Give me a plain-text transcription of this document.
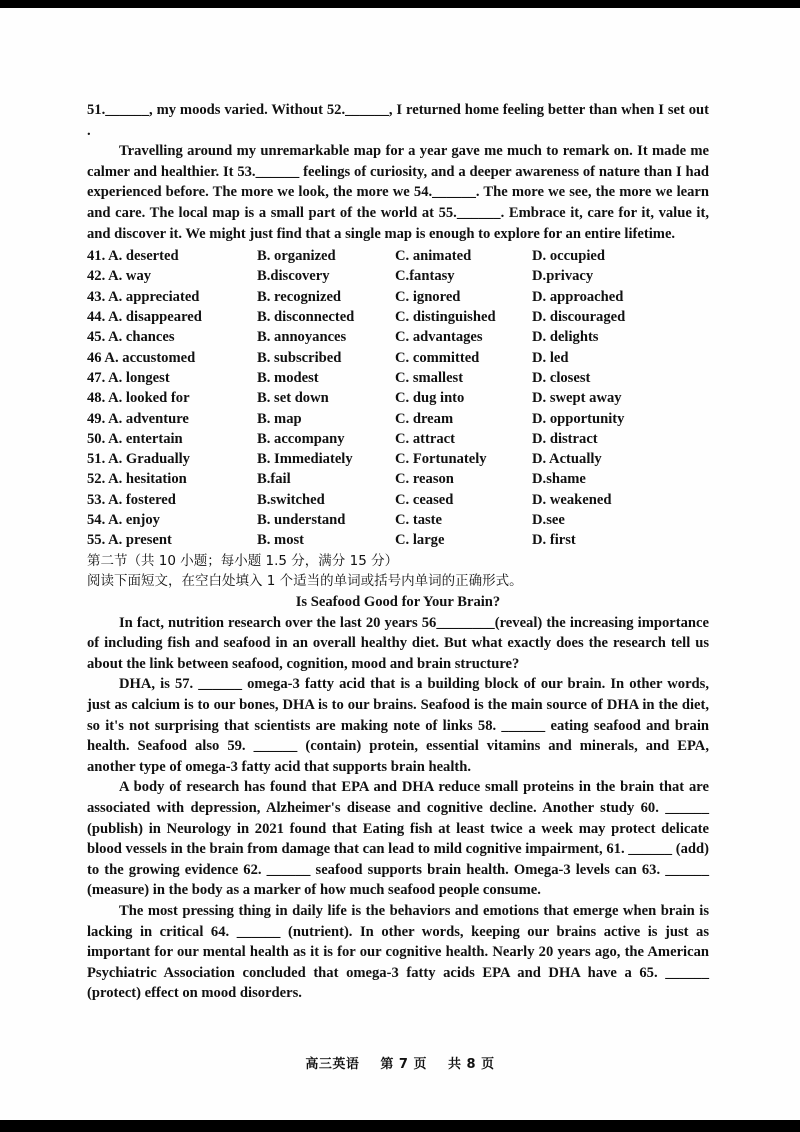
51.______, my moods varied. Without 52.______, I returned home feeling better than when I set out .

Travelling around my unremarkable map for a year gave me much to remark on. It made me calmer and healthier. It 53.______ feelings of curiosity, and a deeper awareness of nature than I had experienced before. The more we look, the more we 54.______. The more we see, the more we learn and care. The local map is a small part of the world at 55.______. Embrace it, care for it, value it, and discover it. We might just find that a single map is enough to explore for an entire lifetime.

41. A. deserted	B. organized	C. animated	D. occupied
42. A. way	B.discovery	C.fantasy	D.privacy
43. A. appreciated	B. recognized	C. ignored	D. approached
44. A. disappeared	B. disconnected	C. distinguished	D. discouraged
45. A. chances	B. annoyances	C. advantages	D. delights
46 A. accustomed	B. subscribed	C. committed	D. led
47. A. longest	B. modest	C. smallest	D. closest
48. A. looked for	B. set down	C. dug into	D. swept away
49. A. adventure	B. map	C. dream	D. opportunity
50. A. entertain	B. accompany	C. attract	D. distract
51. A. Gradually	B. Immediately	C. Fortunately	D. Actually
52. A. hesitation	B.fail	C. reason	D.shame
53. A. fostered	B.switched	C. ceased	D. weakened
54. A. enjoy	B. understand	C. taste	D.see
55. A. present	B. most	C. large	D. first
第二节（共 10 小题；每小题 1.5 分，满分 15 分）
阅读下面短文，在空白处填入 1 个适当的单词或括号内单词的正确形式。
Is Seafood Good for Your Brain?

In fact, nutrition research over the last 20 years 56________(reveal) the increasing importance of including fish and seafood in an overall healthy diet. But what exactly does the research tell us about the link between seafood, cognition, mood and brain structure?

DHA, is 57. ______ omega-3 fatty acid that is a building block of our brain. In other words, just as calcium is to our bones, DHA is to our brains. Seafood is the main source of DHA in the diet, so it's not surprising that scientists are making note of links 58. ______ eating seafood and brain health. Seafood also 59. ______ (contain) protein, essential vitamins and minerals, and EPA, another type of omega-3 fatty acid that supports brain health.

A body of research has found that EPA and DHA reduce small proteins in the brain that are associated with depression, Alzheimer's disease and cognitive decline. Another study 60. ______ (publish) in Neurology in 2021 found that Eating fish at least twice a week may protect delicate blood vessels in the brain from damage that can lead to mild cognitive impairment, 61. ______ (add) to the growing evidence 62. ______ seafood supports brain health. Omega-3 levels can 63. ______ (measure) in the body as a marker of how much seafood people consume.

The most pressing thing in daily life is the behaviors and emotions that emerge when brain is lacking in critical 64. ______ (nutrient). In other words, keeping our brains active is just as important for our mental health as it is for our cognitive health. Nearly 20 years ago, the American Psychiatric Association concluded that omega-3 fatty acids EPA and DHA have a 65. ______ (protect) effect on mood disorders.

高三英语 第 7 页 共 8 页
